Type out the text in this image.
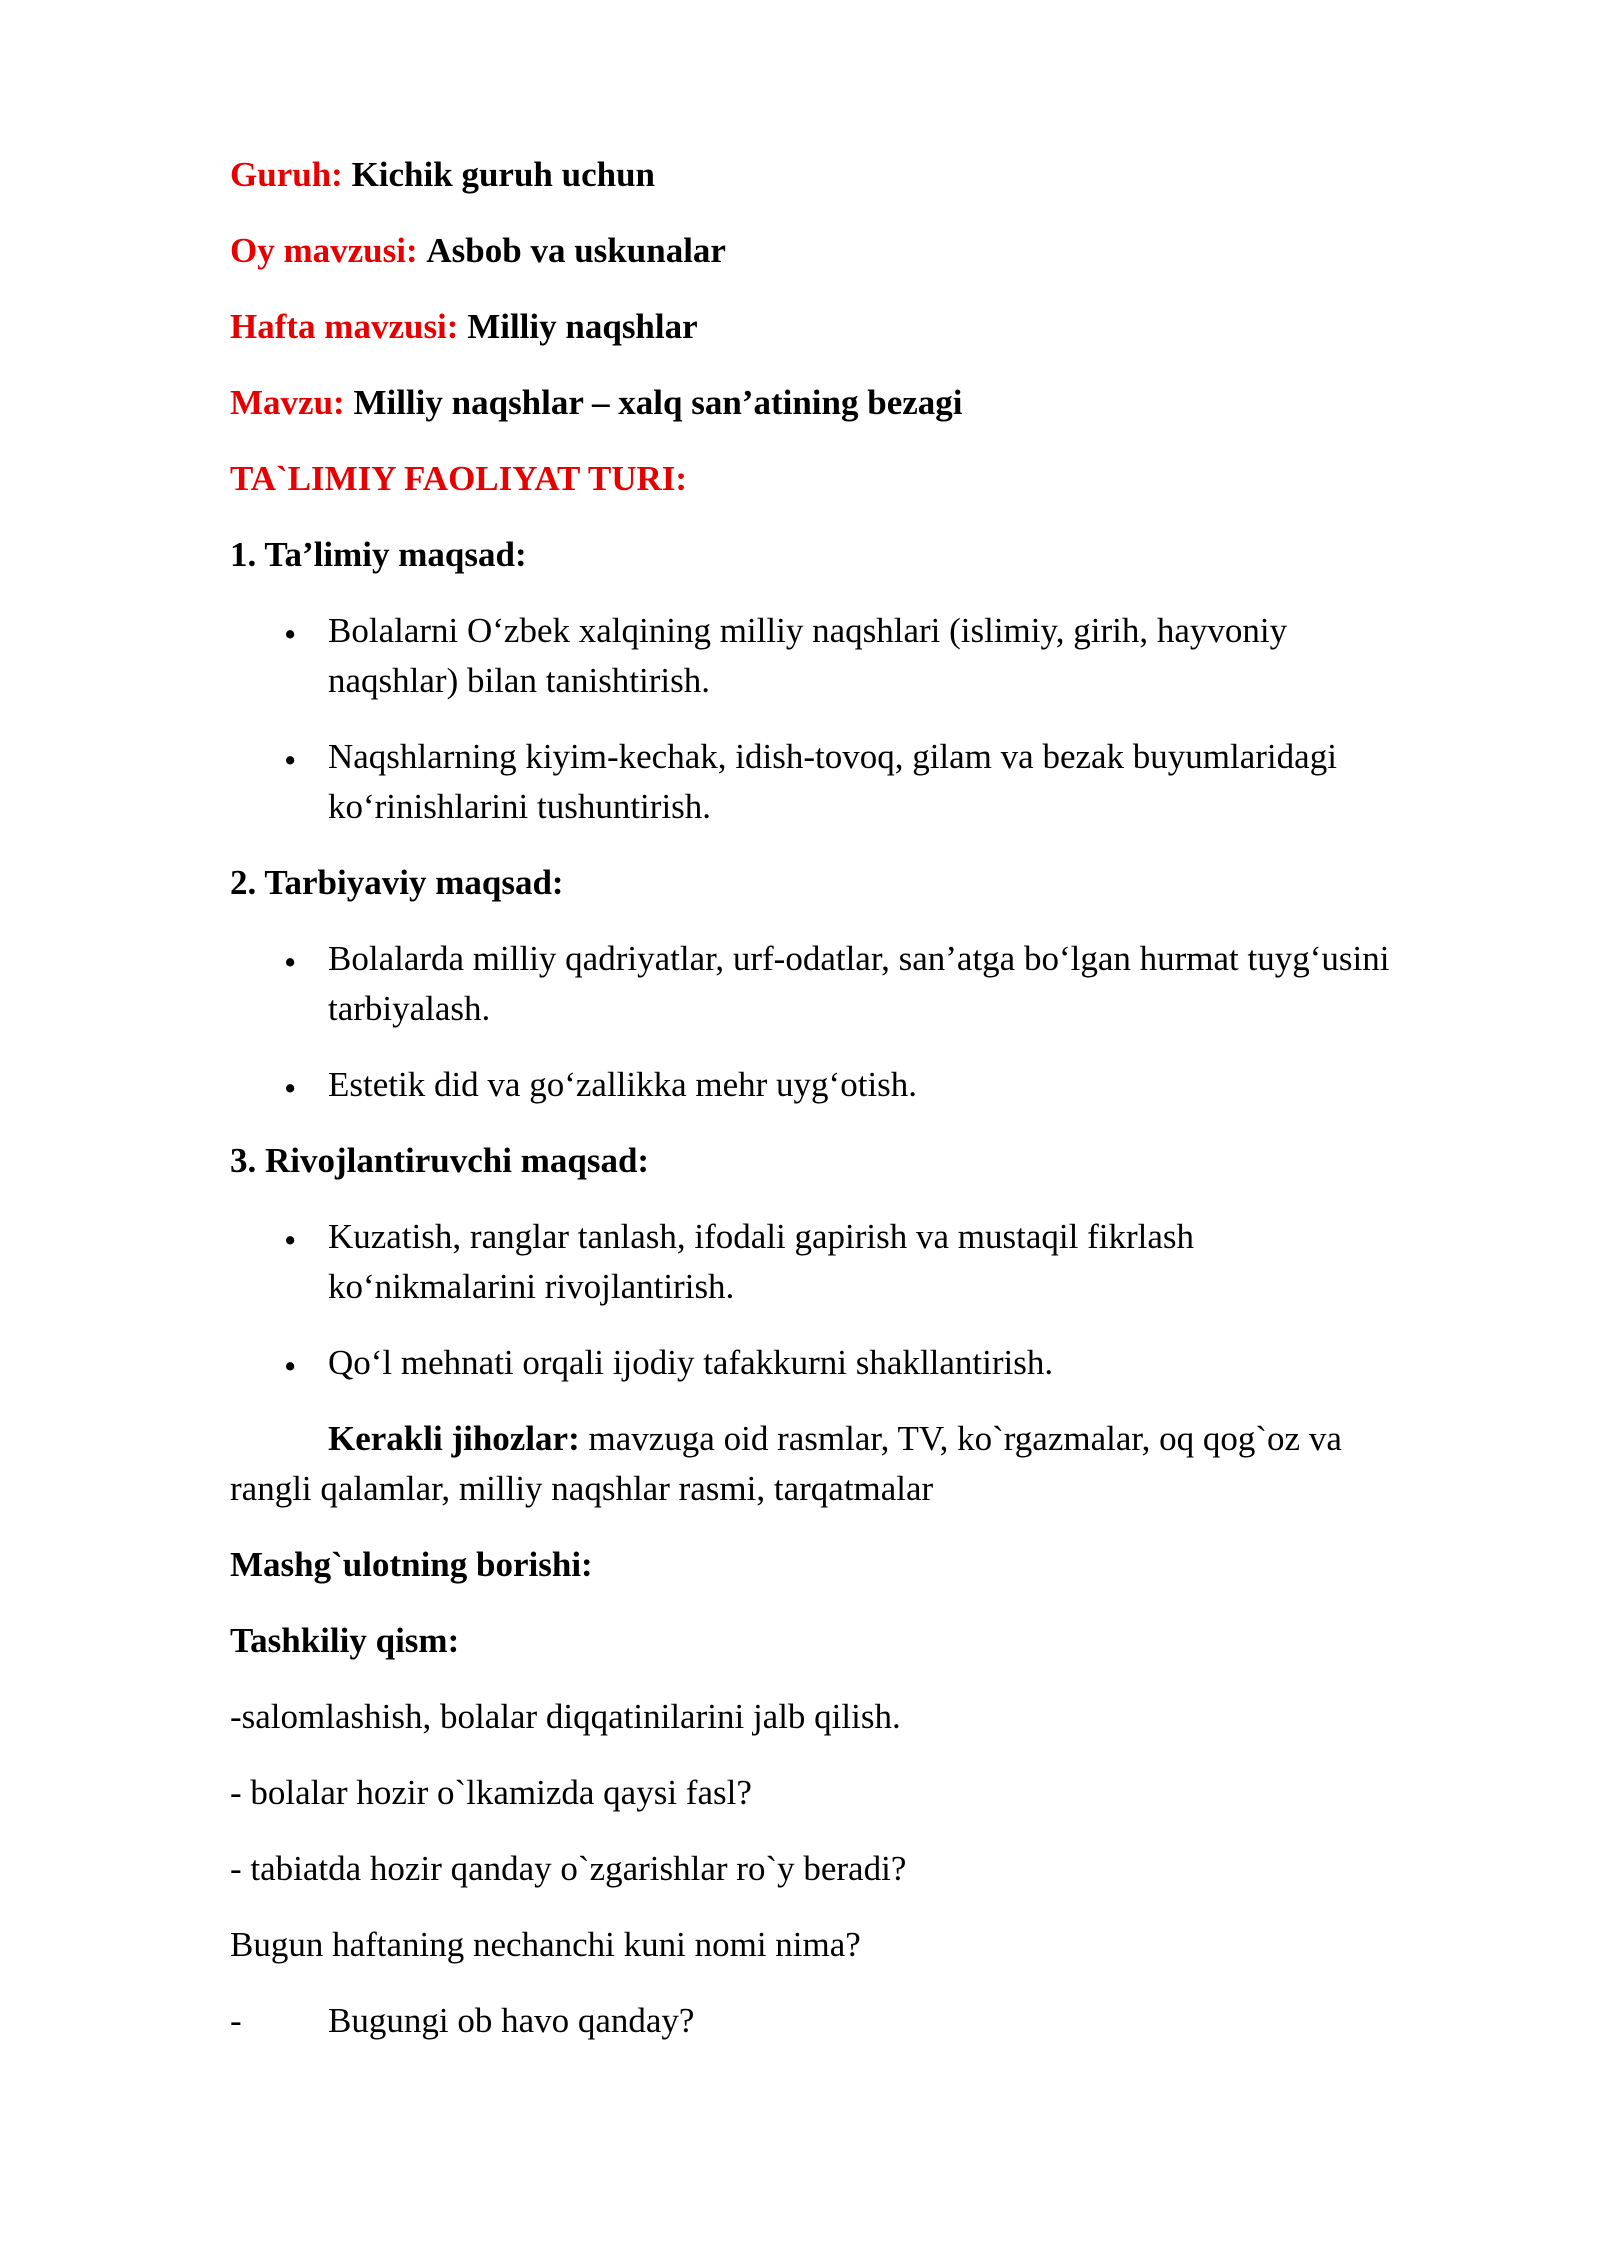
Guruh: Kichik guruh uchun
Oy mavzusi: Asbob va uskunalar
Hafta mavzusi: Milliy naqshlar
Mavzu: Milliy naqshlar – xalq san’atining bezagi
TA`LIMIY FAOLIYAT TURI:
1. Ta’limiy maqsad:
• Bolalarni O‘zbek xalqining milliy naqshlari (islimiy, girih, hayvoniy
naqshlar) bilan tanishtirish.
• Naqshlarning kiyim-kechak, idish-tovoq, gilam va bezak buyumlaridagi
ko‘rinishlarini tushuntirish.
2. Tarbiyaviy maqsad:
• Bolalarda milliy qadriyatlar, urf-odatlar, san’atga bo‘lgan hurmat tuyg‘usini
tarbiyalash.
• Estetik did va go‘zallikka mehr uyg‘otish.
3. Rivojlantiruvchi maqsad:
• Kuzatish, ranglar tanlash, ifodali gapirish va mustaqil fikrlash
ko‘nikmalarini rivojlantirish.
• Qo‘l mehnati orqali ijodiy tafakkurni shakllantirish.
Kerakli jihozlar: mavzuga oid rasmlar, TV, ko`rgazmalar, oq qog`oz va
rangli qalamlar, milliy naqshlar rasmi, tarqatmalar
Mashg`ulotning borishi:
Tashkiliy qism:
-salomlashish, bolalar diqqatinilarini jalb qilish.
- bolalar hozir o`lkamizda qaysi fasl?
- tabiatda hozir qanday o`zgarishlar ro`y beradi?
Bugun haftaning nechanchi kuni nomi nima?
- Bugungi ob havo qanday?
